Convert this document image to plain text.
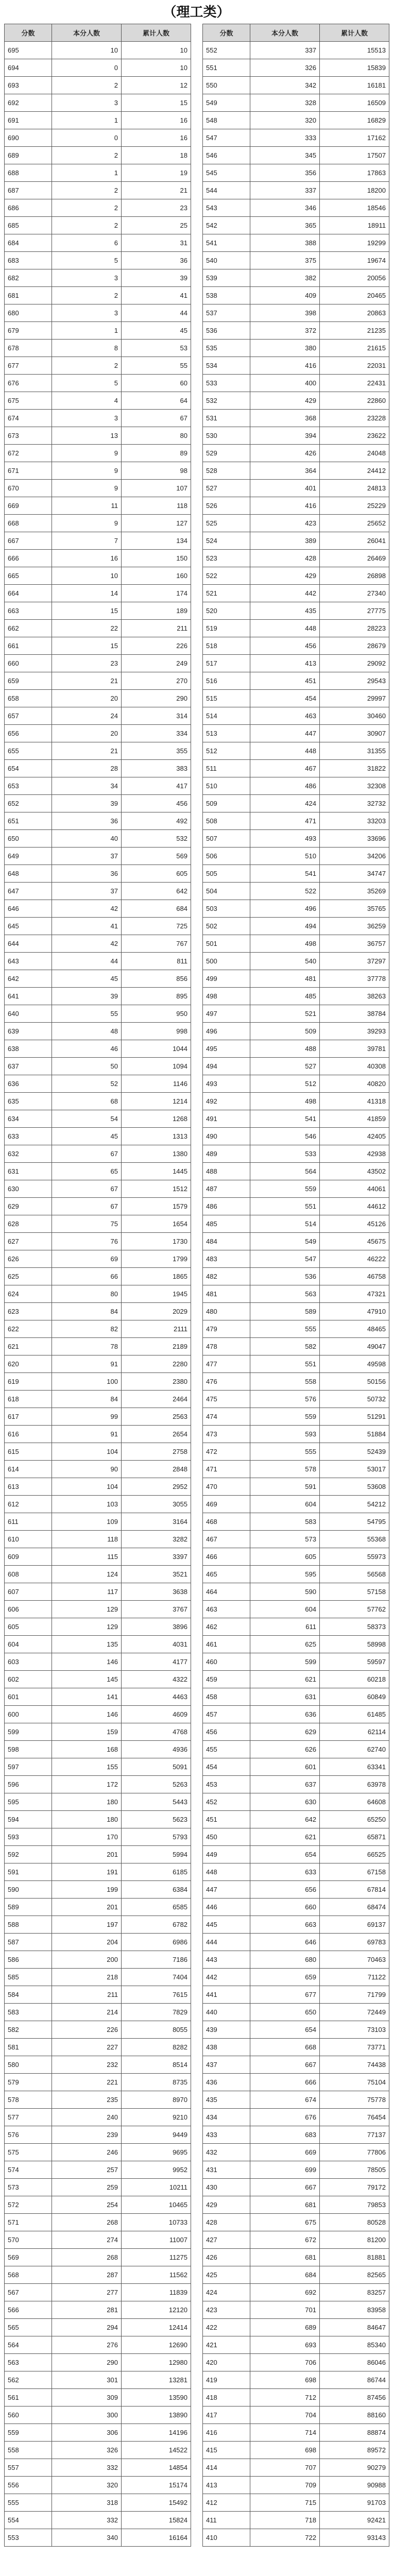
（理工类）
分数	本分人数	累计人数
695	10	10
694	0	10
693	2	12
692	3	15
691	1	16
690	0	16
689	2	18
688	1	19
687	2	21
686	2	23
685	2	25
684	6	31
683	5	36
682	3	39
681	2	41
680	3	44
679	1	45
678	8	53
677	2	55
676	5	60
675	4	64
674	3	67
673	13	80
672	9	89
671	9	98
670	9	107
669	11	118
668	9	127
667	7	134
666	16	150
665	10	160
664	14	174
663	15	189
662	22	211
661	15	226
660	23	249
659	21	270
658	20	290
657	24	314
656	20	334
655	21	355
654	28	383
653	34	417
652	39	456
651	36	492
650	40	532
649	37	569
648	36	605
647	37	642
646	42	684
645	41	725
644	42	767
643	44	811
642	45	856
641	39	895
640	55	950
639	48	998
638	46	1044
637	50	1094
636	52	1146
635	68	1214
634	54	1268
633	45	1313
632	67	1380
631	65	1445
630	67	1512
629	67	1579
628	75	1654
627	76	1730
626	69	1799
625	66	1865
624	80	1945
623	84	2029
622	82	2111
621	78	2189
620	91	2280
619	100	2380
618	84	2464
617	99	2563
616	91	2654
615	104	2758
614	90	2848
613	104	2952
612	103	3055
611	109	3164
610	118	3282
609	115	3397
608	124	3521
607	117	3638
606	129	3767
605	129	3896
604	135	4031
603	146	4177
602	145	4322
601	141	4463
600	146	4609
599	159	4768
598	168	4936
597	155	5091
596	172	5263
595	180	5443
594	180	5623
593	170	5793
592	201	5994
591	191	6185
590	199	6384
589	201	6585
588	197	6782
587	204	6986
586	200	7186
585	218	7404
584	211	7615
583	214	7829
582	226	8055
581	227	8282
580	232	8514
579	221	8735
578	235	8970
577	240	9210
576	239	9449
575	246	9695
574	257	9952
573	259	10211
572	254	10465
571	268	10733
570	274	11007
569	268	11275
568	287	11562
567	277	11839
566	281	12120
565	294	12414
564	276	12690
563	290	12980
562	301	13281
561	309	13590
560	300	13890
559	306	14196
558	326	14522
557	332	14854
556	320	15174
555	318	15492
554	332	15824
553	340	16164
分数	本分人数	累计人数
552	337	15513
551	326	15839
550	342	16181
549	328	16509
548	320	16829
547	333	17162
546	345	17507
545	356	17863
544	337	18200
543	346	18546
542	365	18911
541	388	19299
540	375	19674
539	382	20056
538	409	20465
537	398	20863
536	372	21235
535	380	21615
534	416	22031
533	400	22431
532	429	22860
531	368	23228
530	394	23622
529	426	24048
528	364	24412
527	401	24813
526	416	25229
525	423	25652
524	389	26041
523	428	26469
522	429	26898
521	442	27340
520	435	27775
519	448	28223
518	456	28679
517	413	29092
516	451	29543
515	454	29997
514	463	30460
513	447	30907
512	448	31355
511	467	31822
510	486	32308
509	424	32732
508	471	33203
507	493	33696
506	510	34206
505	541	34747
504	522	35269
503	496	35765
502	494	36259
501	498	36757
500	540	37297
499	481	37778
498	485	38263
497	521	38784
496	509	39293
495	488	39781
494	527	40308
493	512	40820
492	498	41318
491	541	41859
490	546	42405
489	533	42938
488	564	43502
487	559	44061
486	551	44612
485	514	45126
484	549	45675
483	547	46222
482	536	46758
481	563	47321
480	589	47910
479	555	48465
478	582	49047
477	551	49598
476	558	50156
475	576	50732
474	559	51291
473	593	51884
472	555	52439
471	578	53017
470	591	53608
469	604	54212
468	583	54795
467	573	55368
466	605	55973
465	595	56568
464	590	57158
463	604	57762
462	611	58373
461	625	58998
460	599	59597
459	621	60218
458	631	60849
457	636	61485
456	629	62114
455	626	62740
454	601	63341
453	637	63978
452	630	64608
451	642	65250
450	621	65871
449	654	66525
448	633	67158
447	656	67814
446	660	68474
445	663	69137
444	646	69783
443	680	70463
442	659	71122
441	677	71799
440	650	72449
439	654	73103
438	668	73771
437	667	74438
436	666	75104
435	674	75778
434	676	76454
433	683	77137
432	669	77806
431	699	78505
430	667	79172
429	681	79853
428	675	80528
427	672	81200
426	681	81881
425	684	82565
424	692	83257
423	701	83958
422	689	84647
421	693	85340
420	706	86046
419	698	86744
418	712	87456
417	704	88160
416	714	88874
415	698	89572
414	707	90279
413	709	90988
412	715	91703
411	718	92421
410	722	93143
